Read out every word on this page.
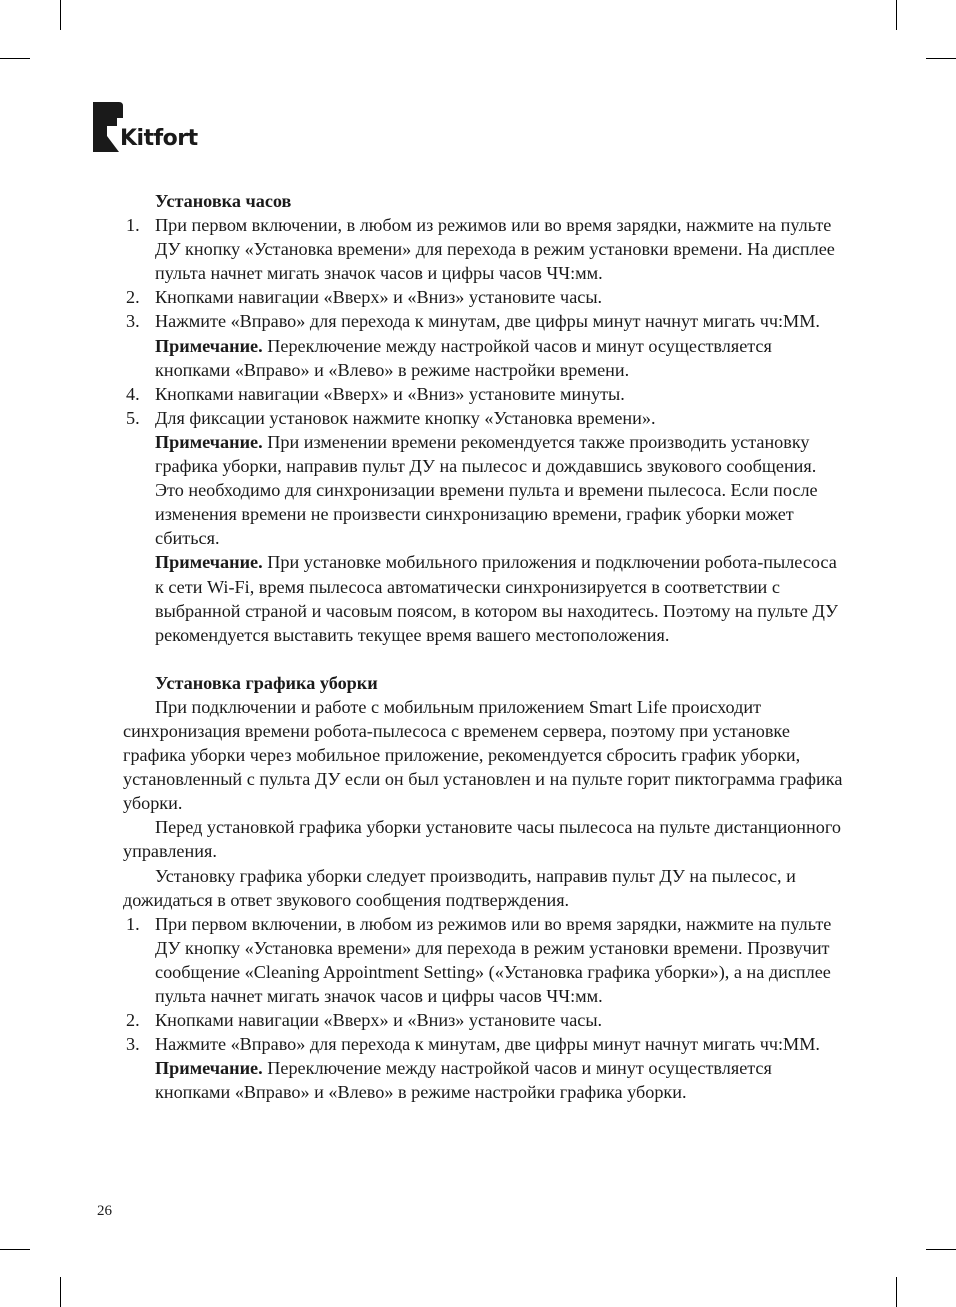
Kitfort

Установка часов

1. При первом включении, в любом из режимов или во время зарядки, нажмите на пульте ДУ кнопку «Установка времени» для перехода в режим установки времени. На дисплее пульта начнет мигать значок часов и цифры часов ЧЧ:мм.

2. Кнопками навигации «Вверх» и «Вниз» установите часы.

3. Нажмите «Вправо» для перехода к минутам, две цифры минут начнут мигать чч:ММ.

Примечание. Переключение между настройкой часов и минут осуществляется кнопками «Вправо» и «Влево» в режиме настройки времени.

4. Кнопками навигации «Вверх» и «Вниз» установите минуты.

5. Для фиксации установок нажмите кнопку «Установка времени».

Примечание. При изменении времени рекомендуется также производить установку графика уборки, направив пульт ДУ на пылесос и дождавшись звукового сообщения. Это необходимо для синхронизации времени пульта и времени пылесоса. Если после изменения времени не произвести синхронизацию времени, график уборки может сбиться.

Примечание. При установке мобильного приложения и подключении робота-пылесоса к сети Wi-Fi, время пылесоса автоматически синхронизируется в соответствии с выбранной страной и часовым поясом, в котором вы находитесь. Поэтому на пульте ДУ рекомендуется выставить текущее время вашего местоположения.

Установка графика уборки

При подключении и работе с мобильным приложением Smart Life происходит синхронизация времени робота-пылесоса с временем сервера, поэтому при установке графика уборки через мобильное приложение, рекомендуется сбросить график уборки, установленный с пульта ДУ если он был установлен и на пульте горит пиктограмма графика уборки.

Перед установкой графика уборки установите часы пылесоса на пульте дистанционного управления.

Установку графика уборки следует производить, направив пульт ДУ на пылесос, и дожидаться в ответ звукового сообщения подтверждения.

1. При первом включении, в любом из режимов или во время зарядки, нажмите на пульте ДУ кнопку «Установка времени» для перехода в режим установки времени. Прозвучит сообщение «Cleaning Appointment Setting» («Установка графика уборки»), а на дисплее пульта начнет мигать значок часов и цифры часов ЧЧ:мм.

2. Кнопками навигации «Вверх» и «Вниз» установите часы.

3. Нажмите «Вправо» для перехода к минутам, две цифры минут начнут мигать чч:ММ.

Примечание. Переключение между настройкой часов и минут осуществляется кнопками «Вправо» и «Влево» в режиме настройки графика уборки.

26
